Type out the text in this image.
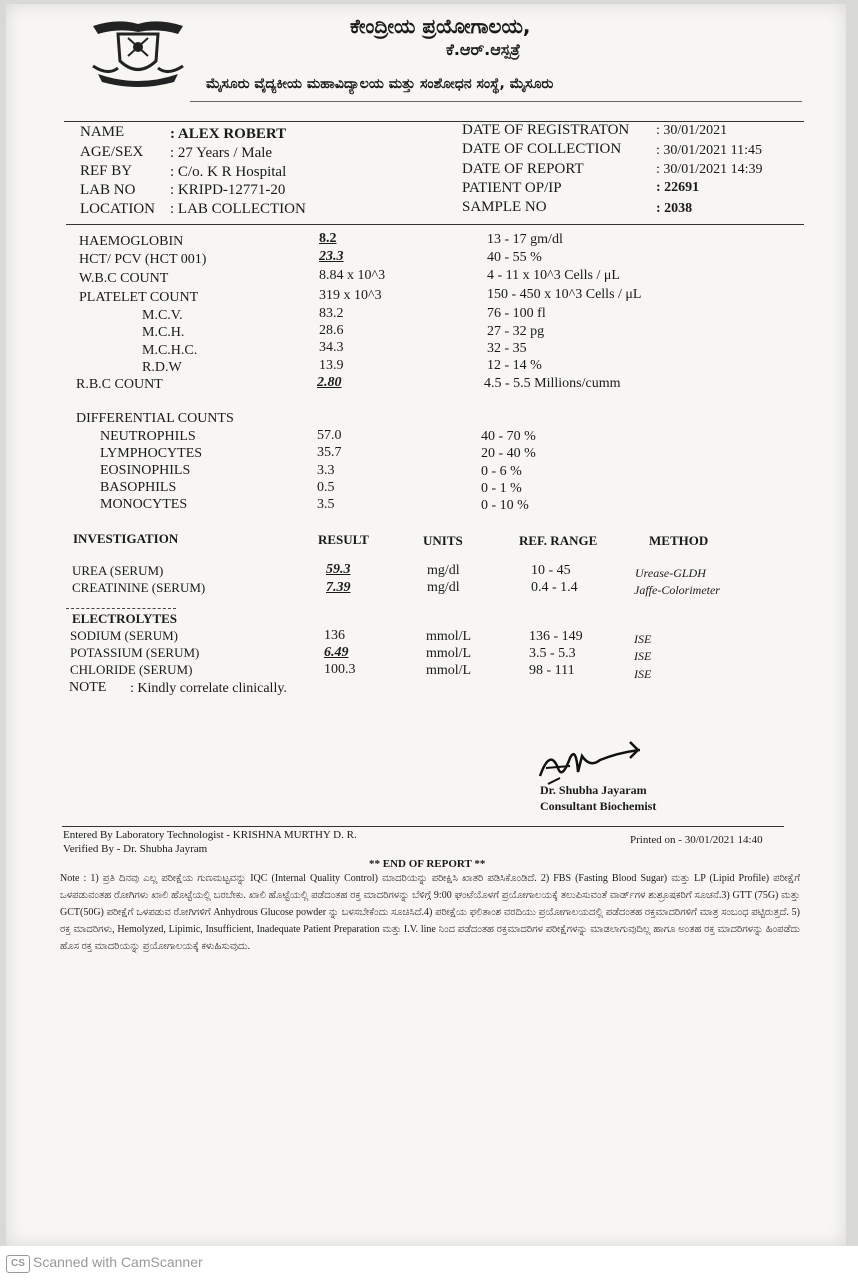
ಕೇಂದ್ರೀಯ ಪ್ರಯೋಗಾಲಯ,
ಕೆ.ಆರ್.ಆಸ್ಪತ್ರೆ
ಮೈಸೂರು ವೈದ್ಯಕೀಯ ಮಹಾವಿದ್ಯಾಲಯ ಮತ್ತು ಸಂಶೋಧನ ಸಂಸ್ಥೆ, ಮೈಸೂರು
NAME	: ALEX ROBERT
AGE/SEX : 27 Years / Male
REF BY	: C/o. K R Hospital
LAB NO : KRIPD-12771-20
LOCATION : LAB COLLECTION
DATE OF REGISTRATON : 30/01/2021
DATE OF COLLECTION : 30/01/2021 11:45
DATE OF REPORT	: 30/01/2021 14:39
PATIENT OP/IP	: 22691
SAMPLE NO	: 2038
HAEMOGLOBIN	8.2	13 - 17 gm/dl
HCT/ PCV (HCT 001)	23.3	40 - 55 %
W.B.C COUNT	8.84 x 10^3	4 - 11 x 10^3 Cells / μL
PLATELET COUNT	319 x 10^3	150 - 450 x 10^3 Cells / μL
M.C.V.	83.2	76 - 100 fl
M.C.H.	28.6	27 - 32 pg
M.C.H.C.	34.3	32 - 35
R.D.W	13.9	12 - 14 %
R.B.C COUNT	2.80	4.5 - 5.5 Millions/cumm
DIFFERENTIAL COUNTS
NEUTROPHILS	57.0	40 - 70 %
LYMPHOCYTES	35.7	20 - 40 %
EOSINOPHILS	3.3	0 - 6 %
BASOPHILS	0.5	0 - 1 %
MONOCYTES	3.5	0 - 10 %
INVESTIGATION	RESULT	UNITS	REF. RANGE	METHOD
UREA (SERUM)	59.3	mg/dl	10 - 45	Urease-GLDH
CREATININE (SERUM)	7.39	mg/dl	0.4 - 1.4	Jaffe-Colorimeter
ELECTROLYTES
SODIUM (SERUM)	136	mmol/L	136 - 149	ISE
POTASSIUM (SERUM)	6.49	mmol/L	3.5 - 5.3	ISE
CHLORIDE (SERUM)	100.3	mmol/L	98 - 111	ISE
NOTE : Kindly correlate clinically.
Dr. Shubha Jayaram
Consultant Biochemist
Entered By Laboratory Technologist - KRISHNA MURTHY D. R.
Verified By - Dr. Shubha Jayram
Printed on - 30/01/2021 14:40
** END OF REPORT **
Note : 1) ಪ್ರತಿ ದಿನವು ಎಲ್ಲ ಪರೀಕ್ಷೆಯ ಗುಣಮಟ್ಟವನ್ನು IQC (Internal Quality Control) ಮಾದರಿಯನ್ನು ಪರೀಕ್ಷಿಸಿ ಖಾತರಿ ಪಡಿಸಿಕೊಂಡಿದೆ. 2) FBS (Fasting Blood Sugar) ಮತ್ತು LP (Lipid Profile) ಪರೀಕ್ಷೆಗೆ ಒಳಪಡುವಂತಹ ರೋಗಿಗಳು ಖಾಲಿ ಹೊಟ್ಟೆಯಲ್ಲಿ ಬರಬೇಕು. ಖಾಲಿ ಹೊಟ್ಟೆಯಲ್ಲಿ ಪಡೆದಂತಹ ರಕ್ತ ಮಾದರಿಗಳನ್ನು ಬೆಳಿಗ್ಗೆ 9:00 ಘಂಟೆಯೊಳಗೆ ಪ್ರಯೋಗಾಲಯಕ್ಕೆ ತಲುಪಿಸುವಂತೆ ವಾರ್ಡ್‌ಗಳ ಶುಶ್ರೂಷಕರಿಗೆ ಸೂಚನೆ.3) GTT (75G) ಮತ್ತು GCT(50G) ಪರೀಕ್ಷೆಗೆ ಒಳಪಡುವ ರೋಗಿಗಳಿಗೆ Anhydrous Glucose powder ನ್ನು ಬಳಸಬೇಕೆಂದು ಸೂಚಿಸಿದೆ.4) ಪರೀಕ್ಷೆಯ ಫಲಿತಾಂಶ ವರದಿಯು ಪ್ರಯೋಗಾಲಯದಲ್ಲಿ ಪಡೆದಂತಹ ರಕ್ತಮಾದರಿಗಳಿಗೆ ಮಾತ್ರ ಸಂಬಂಧ ಪಟ್ಟಿರುತ್ತದೆ. 5) ರಕ್ತ ಮಾದರಿಗಳು, Hemolyzed, Lipimic, Insufficient, Inadequate Patient Preparation ಮತ್ತು I.V. line ನಿಂದ ಪಡೆದಂತಹ ರಕ್ತಮಾದರಿಗಳ ಪರೀಕ್ಷೆಗಳನ್ನು ಮಾಡಲಾಗುವುದಿಲ್ಲ ಹಾಗೂ ಅಂತಹ ರಕ್ತ ಮಾದರಿಗಳನ್ನು ಹಿಂಪಡೆದು ಹೊಸ ರಕ್ತ ಮಾದರಿಯನ್ನು ಪ್ರಯೋಗಾಲಯಕ್ಕೆ ಕಳುಹಿಸುವುದು.
CS Scanned with CamScanner
